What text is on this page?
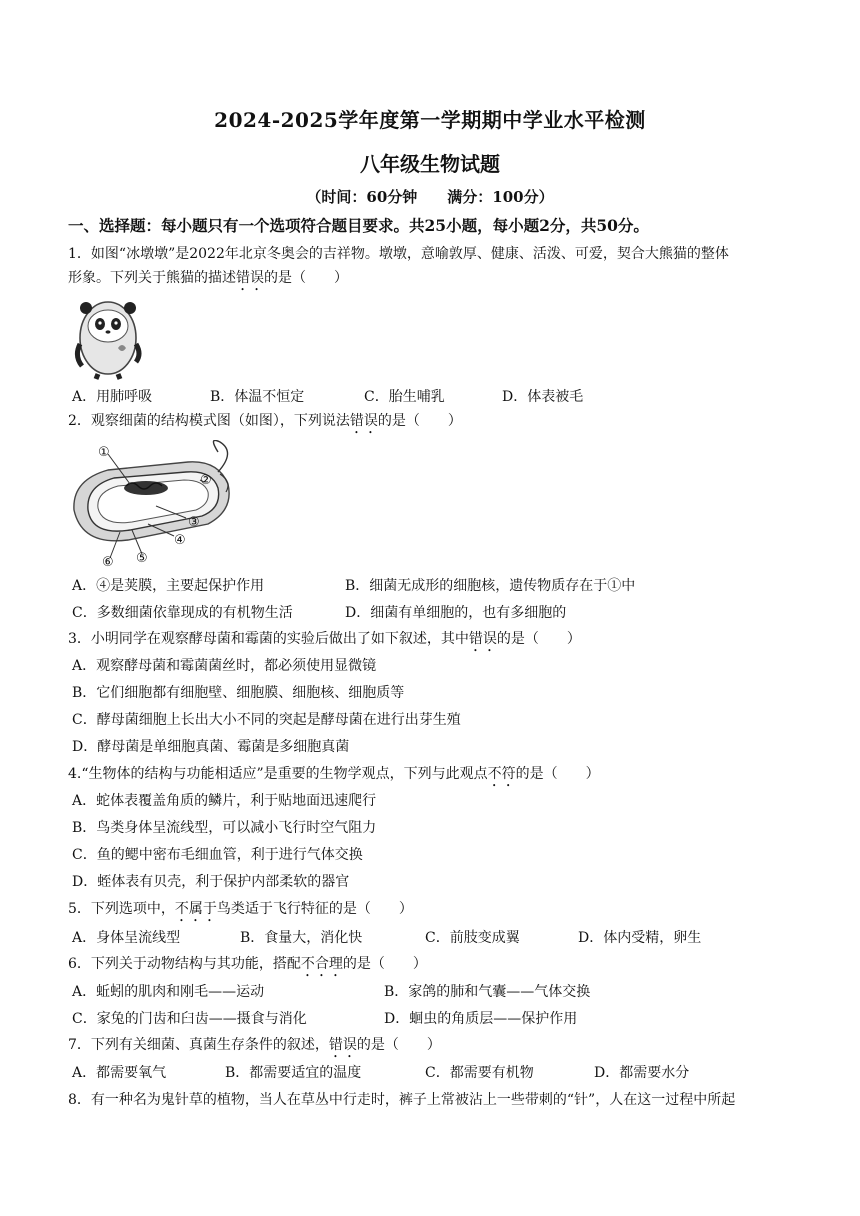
2024-2025学年度第一学期期中学业水平检测
八年级生物试题
（时间：60分钟　　满分：100分）
一、选择题：每小题只有一个选项符合题目要求。共25小题，每小题2分，共50分。
1．如图“冰墩墩”是2022年北京冬奥会的吉祥物。墩墩，意喻敦厚、健康、活泼、可爱，契合大熊猫的整体
形象。下列关于熊猫的描述错误的是（　　）
A．用肺呼吸	B．体温不恒定	C．胎生哺乳	D．体表被毛
2．观察细菌的结构模式图（如图），下列说法错误的是（　　）
①
②
③
④
⑤
⑥
A．④是荚膜，主要起保护作用	B．细菌无成形的细胞核，遗传物质存在于①中
C．多数细菌依靠现成的有机物生活	D．细菌有单细胞的，也有多细胞的
3．小明同学在观察酵母菌和霉菌的实验后做出了如下叙述，其中错误的是（　　）
A．观察酵母菌和霉菌菌丝时，都必须使用显微镜
B．它们细胞都有细胞壁、细胞膜、细胞核、细胞质等
C．酵母菌细胞上长出大小不同的突起是酵母菌在进行出芽生殖
D．酵母菌是单细胞真菌、霉菌是多细胞真菌
4.“生物体的结构与功能相适应”是重要的生物学观点，下列与此观点不符的是（　　）
A．蛇体表覆盖角质的鳞片，利于贴地面迅速爬行
B．鸟类身体呈流线型，可以减小飞行时空气阻力
C．鱼的鳃中密布毛细血管，利于进行气体交换
D．蛭体表有贝壳，利于保护内部柔软的器官
5．下列选项中，不属于鸟类适于飞行特征的是（　　）
A．身体呈流线型	B．食量大，消化快	C．前肢变成翼	D．体内受精，卵生
6．下列关于动物结构与其功能，搭配不合理的是（　　）
A．蚯蚓的肌肉和刚毛——运动	B．家鸽的肺和气囊——气体交换
C．家兔的门齿和臼齿——摄食与消化	D．蛔虫的角质层——保护作用
7．下列有关细菌、真菌生存条件的叙述，错误的是（　　）
A．都需要氧气	B．都需要适宜的温度	C．都需要有机物	D．都需要水分
8．有一种名为鬼针草的植物，当人在草丛中行走时，裤子上常被沾上一些带刺的“针”，人在这一过程中所起
